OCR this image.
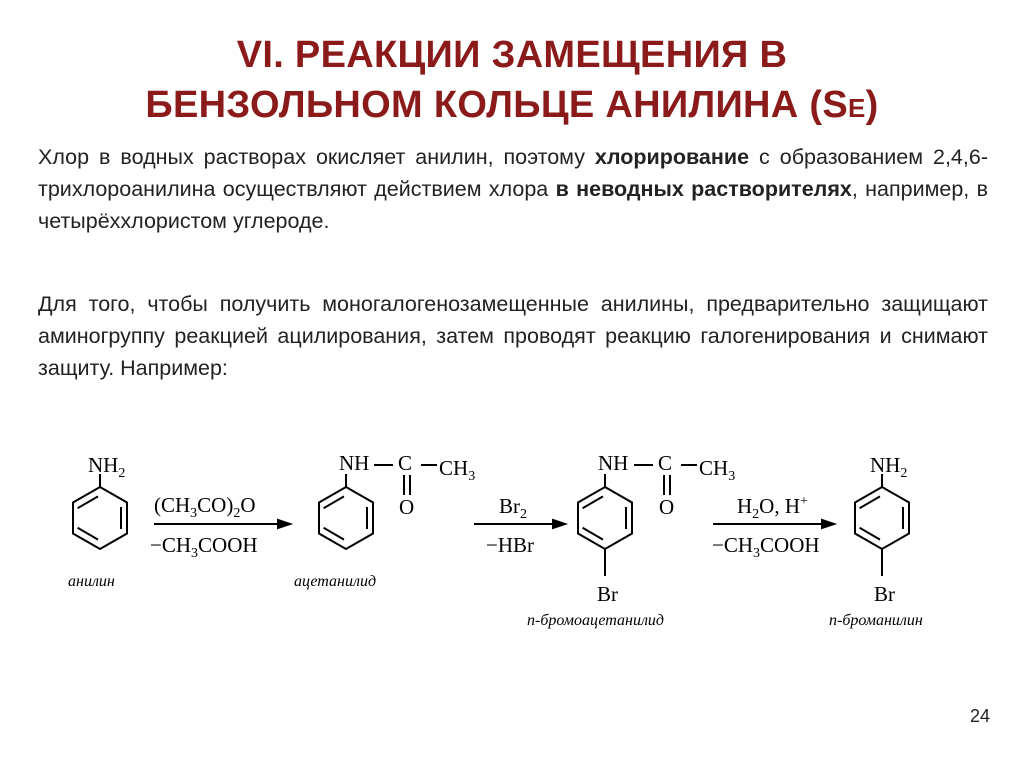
VI. РЕАКЦИИ ЗАМЕЩЕНИЯ В
БЕНЗОЛЬНОМ КОЛЬЦЕ АНИЛИНА (SE)
Хлор в водных растворах окисляет анилин, поэтому хлорирование с образованием 2,4,6-трихлороанилина осуществляют действием хлора в неводных растворителях, например, в четырёххлористом углероде.
Для того, чтобы получить моногалогенозамещенные анилины, предварительно защищают аминогруппу реакцией ацилирования, затем проводят реакцию галогенирования и снимают защиту. Например:
$NH_2$
анилин
$(CH_3CO)_2O$
$-CH_3COOH$
NH C $CH_3$
O
ацетанилид
$Br_2$
−HBr
NH C $CH_3$
O
Br
n-бромоацетанилид
$H_2O$, H+
$-CH_3COOH$
$NH_2$
Br
n-броманилин
24
